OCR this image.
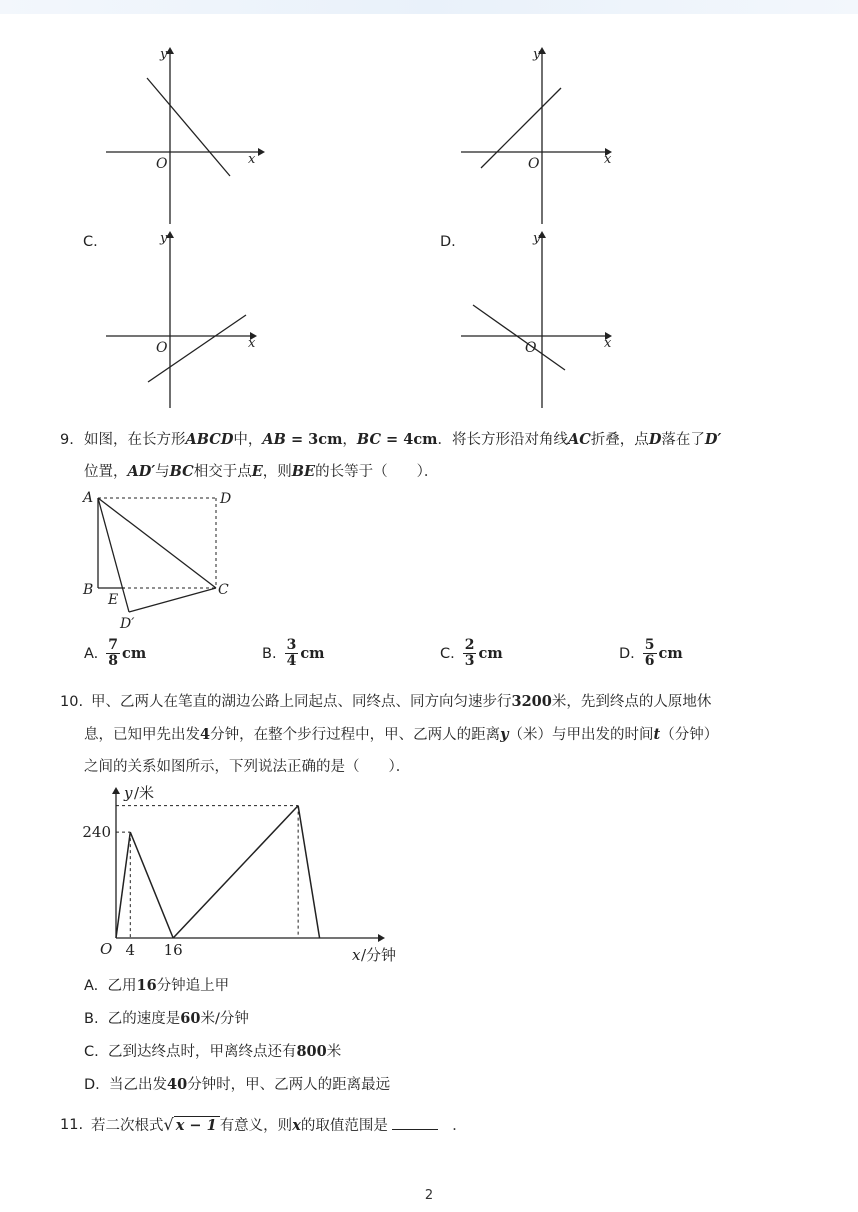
y
x
O
y
x
O
C.	D.
y
x
O
y
x
O
9. 如图，在长方形ABCD中，AB = 3cm，BC = 4cm．将长方形沿对角线AC折叠，点D落在了D′
位置，AD′与BC相交于点E，则BE的长等于（　　）．
A	D
B	C
E
D′
A. $\frac{7}{8}$ cm	B. $\frac{3}{4}$ cm	C. $\frac{2}{3}$ cm	D. $\frac{5}{6}$ cm
10. 甲、乙两人在笔直的湖边公路上同起点、同终点、同方向匀速步行3200米，先到终点的人原地休
息，已知甲先出发4分钟，在整个步行过程中，甲、乙两人的距离y（米）与甲出发的时间t（分钟）
之间的关系如图所示，下列说法正确的是（　　）．
4 16
240
y /米
x /分钟
O
A. 乙用16分钟追上甲
B. 乙的速度是60米/分钟
C. 乙到达终点时，甲离终点还有800米
D. 当乙出发40分钟时，甲、乙两人的距离最远
11. 若二次根式√ x − 1 有意义，则x的取值范围是	．
2
